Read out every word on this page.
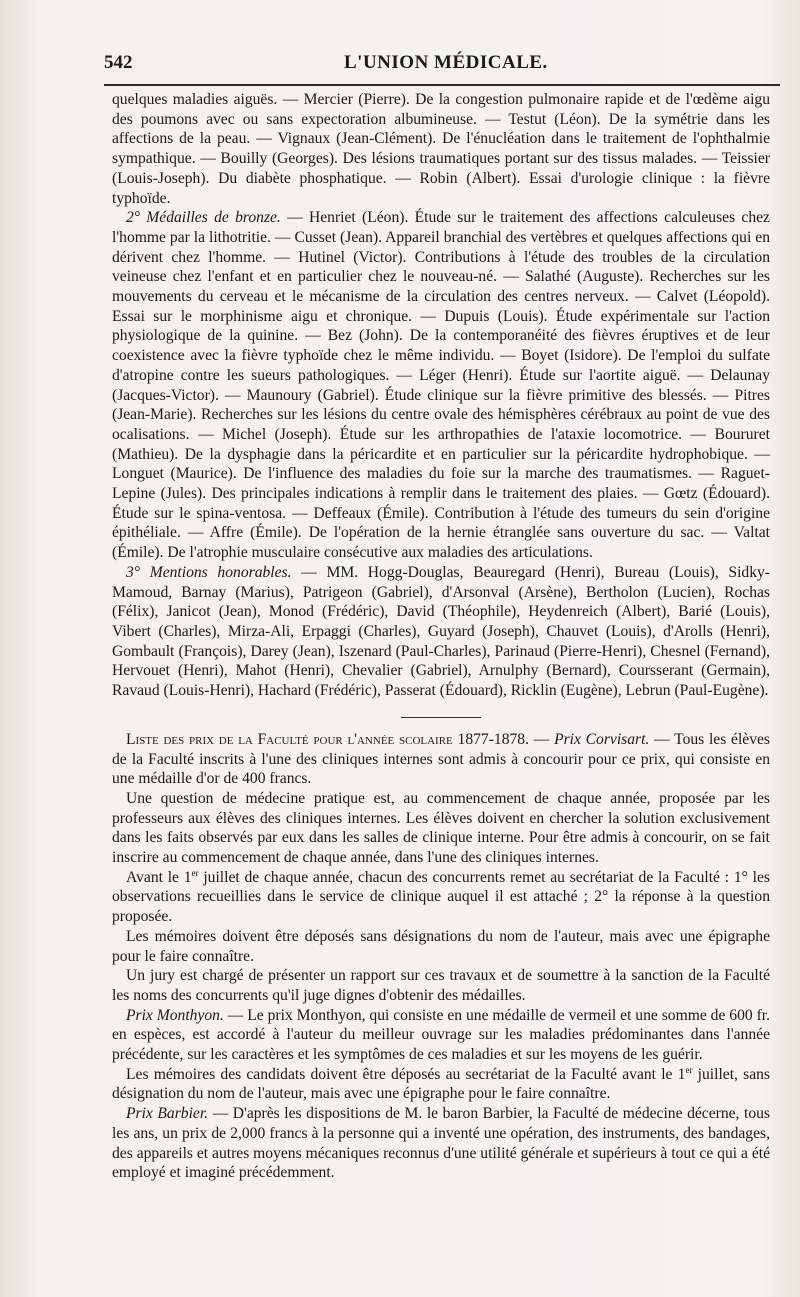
542	L'UNION MÉDICALE.

quelques maladies aiguës. — Mercier (Pierre). De la congestion pulmonaire rapide et de l'œdème aigu des poumons avec ou sans expectoration albumineuse. — Testut (Léon). De la symétrie dans les affections de la peau. — Vignaux (Jean-Clément). De l'énucléation dans le traitement de l'ophthalmie sympathique. — Bouilly (Georges). Des lésions traumatiques portant sur des tissus malades. — Teissier (Louis-Joseph). Du diabète phosphatique. — Robin (Albert). Essai d'urologie clinique : la fièvre typhoïde.

2° Médailles de bronze. — Henriet (Léon). Étude sur le traitement des affections calculeuses chez l'homme par la lithotritie. — Cusset (Jean). Appareil branchial des vertèbres et quelques affections qui en dérivent chez l'homme. — Hutinel (Victor). Contributions à l'étude des troubles de la circulation veineuse chez l'enfant et en particulier chez le nouveau-né. — Salathé (Auguste). Recherches sur les mouvements du cerveau et le mécanisme de la circulation des centres nerveux. — Calvet (Léopold). Essai sur le morphinisme aigu et chronique. — Dupuis (Louis). Étude expérimentale sur l'action physiologique de la quinine. — Bez (John). De la contemporanéité des fièvres éruptives et de leur coexistence avec la fièvre typhoïde chez le même individu. — Boyet (Isidore). De l'emploi du sulfate d'atropine contre les sueurs pathologiques. — Léger (Henri). Étude sur l'aortite aiguë. — Delaunay (Jacques-Victor). — Maunoury (Gabriel). Étude clinique sur la fièvre primitive des blessés. — Pitres (Jean-Marie). Recherches sur les lésions du centre ovale des hémisphères cérébraux au point de vue des ocalisations. — Michel (Joseph). Étude sur les arthropathies de l'ataxie locomotrice. — Boururet (Mathieu). De la dysphagie dans la péricardite et en particulier sur la péricardite hydrophobique. — Longuet (Maurice). De l'influence des maladies du foie sur la marche des traumatismes. — Raguet-Lepine (Jules). Des principales indications à remplir dans le traitement des plaies. — Gœtz (Édouard). Étude sur le spina-ventosa. — Deffeaux (Émile). Contribution à l'étude des tumeurs du sein d'origine épithéliale. — Affre (Émile). De l'opération de la hernie étranglée sans ouverture du sac. — Valtat (Émile). De l'atrophie musculaire consécutive aux maladies des articulations.

3° Mentions honorables. — MM. Hogg-Douglas, Beauregard (Henri), Bureau (Louis), Sidky-Mamoud, Barnay (Marius), Patrigeon (Gabriel), d'Arsonval (Arsène), Bertholon (Lucien), Rochas (Félix), Janicot (Jean), Monod (Frédéric), David (Théophile), Heydenreich (Albert), Barié (Louis), Vibert (Charles), Mirza-Ali, Erpaggi (Charles), Guyard (Joseph), Chauvet (Louis), d'Arolls (Henri), Gombault (François), Darey (Jean), Iszenard (Paul-Charles), Parinaud (Pierre-Henri), Chesnel (Fernand), Hervouet (Henri), Mahot (Henri), Chevalier (Gabriel), Arnulphy (Bernard), Coursserant (Germain), Ravaud (Louis-Henri), Hachard (Frédéric), Passerat (Édouard), Ricklin (Eugène), Lebrun (Paul-Eugène).

Liste des prix de la Faculté pour l'année scolaire 1877-1878. — Prix Corvisart. — Tous les élèves de la Faculté inscrits à l'une des cliniques internes sont admis à concourir pour ce prix, qui consiste en une médaille d'or de 400 francs.

Une question de médecine pratique est, au commencement de chaque année, proposée par les professeurs aux élèves des cliniques internes. Les élèves doivent en chercher la solution exclusivement dans les faits observés par eux dans les salles de clinique interne. Pour être admis à concourir, on se fait inscrire au commencement de chaque année, dans l'une des cliniques internes.

Avant le 1er juillet de chaque année, chacun des concurrents remet au secrétariat de la Faculté : 1° les observations recueillies dans le service de clinique auquel il est attaché ; 2° la réponse à la question proposée.

Les mémoires doivent être déposés sans désignations du nom de l'auteur, mais avec une épigraphe pour le faire connaître.

Un jury est chargé de présenter un rapport sur ces travaux et de soumettre à la sanction de la Faculté les noms des concurrents qu'il juge dignes d'obtenir des médailles.

Prix Monthyon. — Le prix Monthyon, qui consiste en une médaille de vermeil et une somme de 600 fr. en espèces, est accordé à l'auteur du meilleur ouvrage sur les maladies prédominantes dans l'année précédente, sur les caractères et les symptômes de ces maladies et sur les moyens de les guérir.

Les mémoires des candidats doivent être déposés au secrétariat de la Faculté avant le 1er juillet, sans désignation du nom de l'auteur, mais avec une épigraphe pour le faire connaître.

Prix Barbier. — D'après les dispositions de M. le baron Barbier, la Faculté de médecine décerne, tous les ans, un prix de 2,000 francs à la personne qui a inventé une opération, des instruments, des bandages, des appareils et autres moyens mécaniques reconnus d'une utilité générale et supérieurs à tout ce qui a été employé et imaginé précédemment.
